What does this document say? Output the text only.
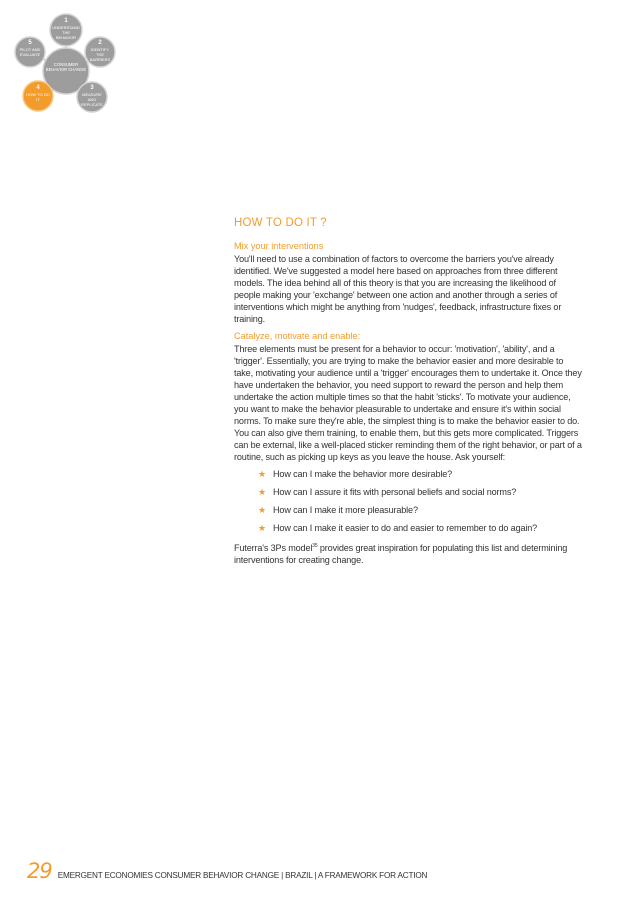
CONSUMER BEHAVIOR CHANGE
1
UNDERSTAND THE BEHAVIOR
2
IDENTIFY THE BARRIERS
3
MEASURE AND REPLICATE
4
HOW TO DO IT
5
PILOT AND EVALUATE
HOW TO DO IT ?

Mix your interventions

You'll need to use a combination of factors to overcome the barriers you've already identified. We've suggested a model here based on approaches from three different models. The idea behind all of this theory is that you are increasing the likelihood of people making your 'exchange' between one action and another through a series of interventions which might be anything from 'nudges', feedback, infrastructure fixes or training.

Catalyze, motivate and enable:

Three elements must be present for a behavior to occur: 'motivation', 'ability', and a 'trigger'. Essentially, you are trying to make the behavior easier and more desirable to take, motivating your audience until a 'trigger' encourages them to undertake it. Once they have undertaken the behavior, you need support to reward the person and help them undertake the action multiple times so that the habit 'sticks'. To motivate your audience, you want to make the behavior pleasurable to undertake and ensure it's within social norms. To make sure they're able, the simplest thing is to make the behavior easier to do. You can also give them training, to enable them, but this gets more complicated. Triggers can be external, like a well-placed sticker reminding them of the right behavior, or part of a routine, such as picking up keys as you leave the house. Ask yourself:

★ How can I make the behavior more desirable?
★ How can I assure it fits with personal beliefs and social norms?
★ How can I make it more pleasurable?
★ How can I make it easier to do and easier to remember to do again?

Futerra's 3Ps model$^{35}$ provides great inspiration for populating this list and determining interventions for creating change.

29 EMERGENT ECONOMIES CONSUMER BEHAVIOR CHANGE | BRAZIL | A FRAMEWORK FOR ACTION
